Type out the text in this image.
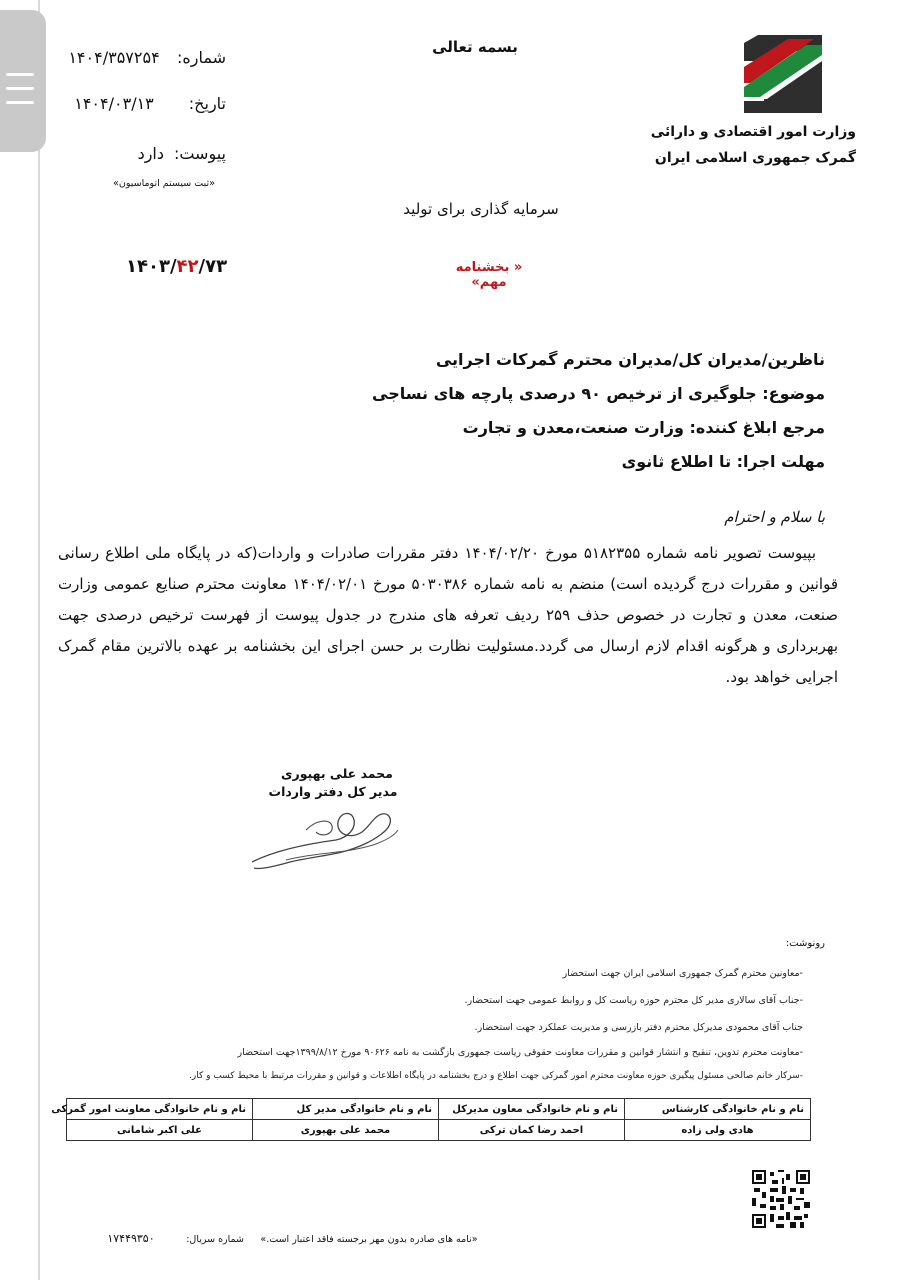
بسمه تعالی
وزارت امور اقتصادی و دارائی
گمرک جمهوری اسلامی ایران
شماره:
۱۴۰۴/۳۵۷۲۵۴
تاریخ:
۱۴۰۴/۰۳/۱۳
پیوست:
دارد
«ثبت سیستم اتوماسیون»
سرمایه گذاری برای تولید
۱۴۰۳/۴۲/۷۳	« بخشنامه مهم»
ناظرین/مدیران کل/مدیران محترم گمرکات اجرایی
موضوع: جلوگیری از ترخیص ۹۰ درصدی پارچه های نساجی
مرجع ابلاغ کننده: وزارت صنعت،معدن و تجارت
مهلت اجرا: تا اطلاع ثانوی
با سلام و احترام

بپیوست تصویر نامه شماره ۵۱۸۲۳۵۵ مورخ ۱۴۰۴/۰۲/۲۰ دفتر مقررات صادرات و واردات(که در پایگاه ملی اطلاع رسانی قوانین و مقررات درج گردیده است) منضم به نامه شماره ۵۰۳۰۳۸۶ مورخ ۱۴۰۴/۰۲/۰۱ معاونت محترم صنایع عمومی وزارت صنعت، معدن و تجارت در خصوص حذف ۲۵۹ ردیف تعرفه های مندرج در جدول پیوست از فهرست ترخیص درصدی جهت بهربرداری و هرگونه اقدام لازم ارسال می گردد.مسئولیت نظارت بر حسن اجرای این بخشنامه بر عهده بالاترین مقام گمرک اجرایی خواهد بود.

محمد علی بهپوری
مدیر کل دفتر واردات
رونوشت:
-معاونین محترم گمرک جمهوری اسلامی ایران جهت استحضار
-جناب آقای سالاری مدیر کل محترم حوزه ریاست کل و روابط عمومی جهت استحضار.
جناب آقای محمودی مدیرکل محترم دفتر بازرسی و مدیریت عملکرد جهت استحضار.
-معاونت محترم تدوین، تنقیح و انتشار قوانین و مقررات معاونت حقوقی ریاست جمهوری بازگشت به نامه ۹۰۶۲۶ مورخ ۱۳۹۹/۸/۱۲جهت استحضار
-سرکار خانم صالحی مسئول پیگیری حوزه معاونت محترم امور گمرکی جهت اطلاع و درج بخشنامه در پایگاه اطلاعات و قوانین و مقررات مرتبط با محیط کسب و کار.
نام و نام خانوادگی کارشناس	نام و نام خانوادگی معاون مدیرکل	نام و نام خانوادگی مدیر کل	نام و نام خانوادگی معاونت امور گمرکی
هادی ولی زاده	احمد رضا کمان ترکی	محمد علی بهپوری	علی اکبر شامانی
«نامه های صادره بدون مهر برجسته فاقد اعتبار است.»
شماره سریال:
۱۷۴۴۹۳۵۰
